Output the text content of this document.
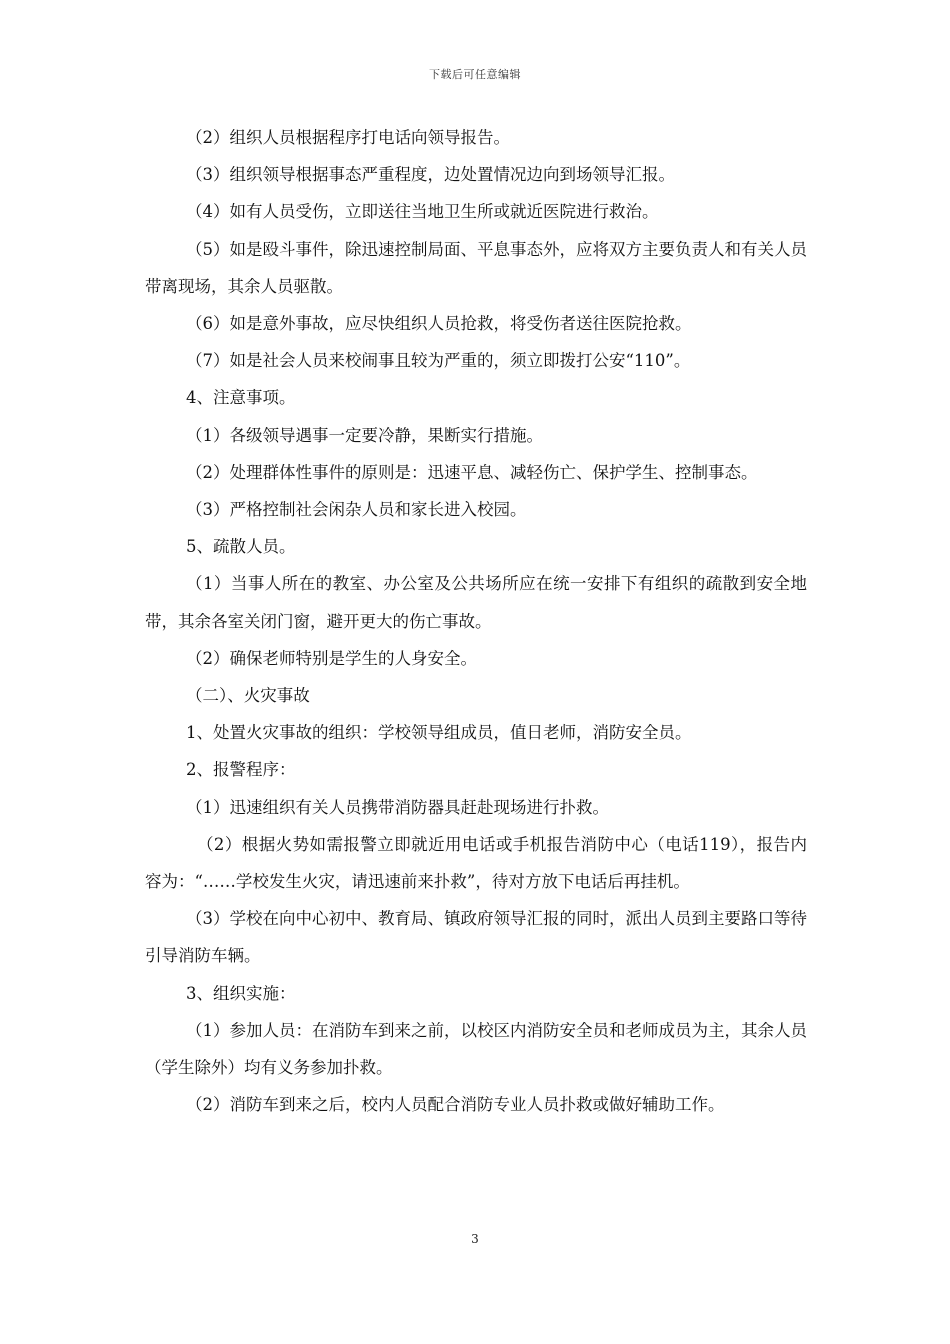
下载后可任意编辑

（2）组织人员根据程序打电话向领导报告。

（3）组织领导根据事态严重程度，边处置情况边向到场领导汇报。

（4）如有人员受伤，立即送往当地卫生所或就近医院进行救治。

（5）如是殴斗事件，除迅速控制局面、平息事态外，应将双方主要负责人和有关人员带离现场，其余人员驱散。

（6）如是意外事故，应尽快组织人员抢救，将受伤者送往医院抢救。

（7）如是社会人员来校闹事且较为严重的，须立即拨打公安“110”。

4、注意事项。

（1）各级领导遇事一定要冷静，果断实行措施。

（2）处理群体性事件的原则是：迅速平息、减轻伤亡、保护学生、控制事态。

（3）严格控制社会闲杂人员和家长进入校园。

5、疏散人员。

（1）当事人所在的教室、办公室及公共场所应在统一安排下有组织的疏散到安全地带，其余各室关闭门窗，避开更大的伤亡事故。

（2）确保老师特别是学生的人身安全。

（二）、火灾事故

1、处置火灾事故的组织：学校领导组成员，值日老师，消防安全员。

2、报警程序：

（1）迅速组织有关人员携带消防器具赶赴现场进行扑救。

（2）根据火势如需报警立即就近用电话或手机报告消防中心（电话119），报告内容为：“……学校发生火灾，请迅速前来扑救”，待对方放下电话后再挂机。

（3）学校在向中心初中、教育局、镇政府领导汇报的同时，派出人员到主要路口等待引导消防车辆。

3、组织实施：

（1）参加人员：在消防车到来之前，以校区内消防安全员和老师成员为主，其余人员（学生除外）均有义务参加扑救。

（2）消防车到来之后，校内人员配合消防专业人员扑救或做好辅助工作。

3
